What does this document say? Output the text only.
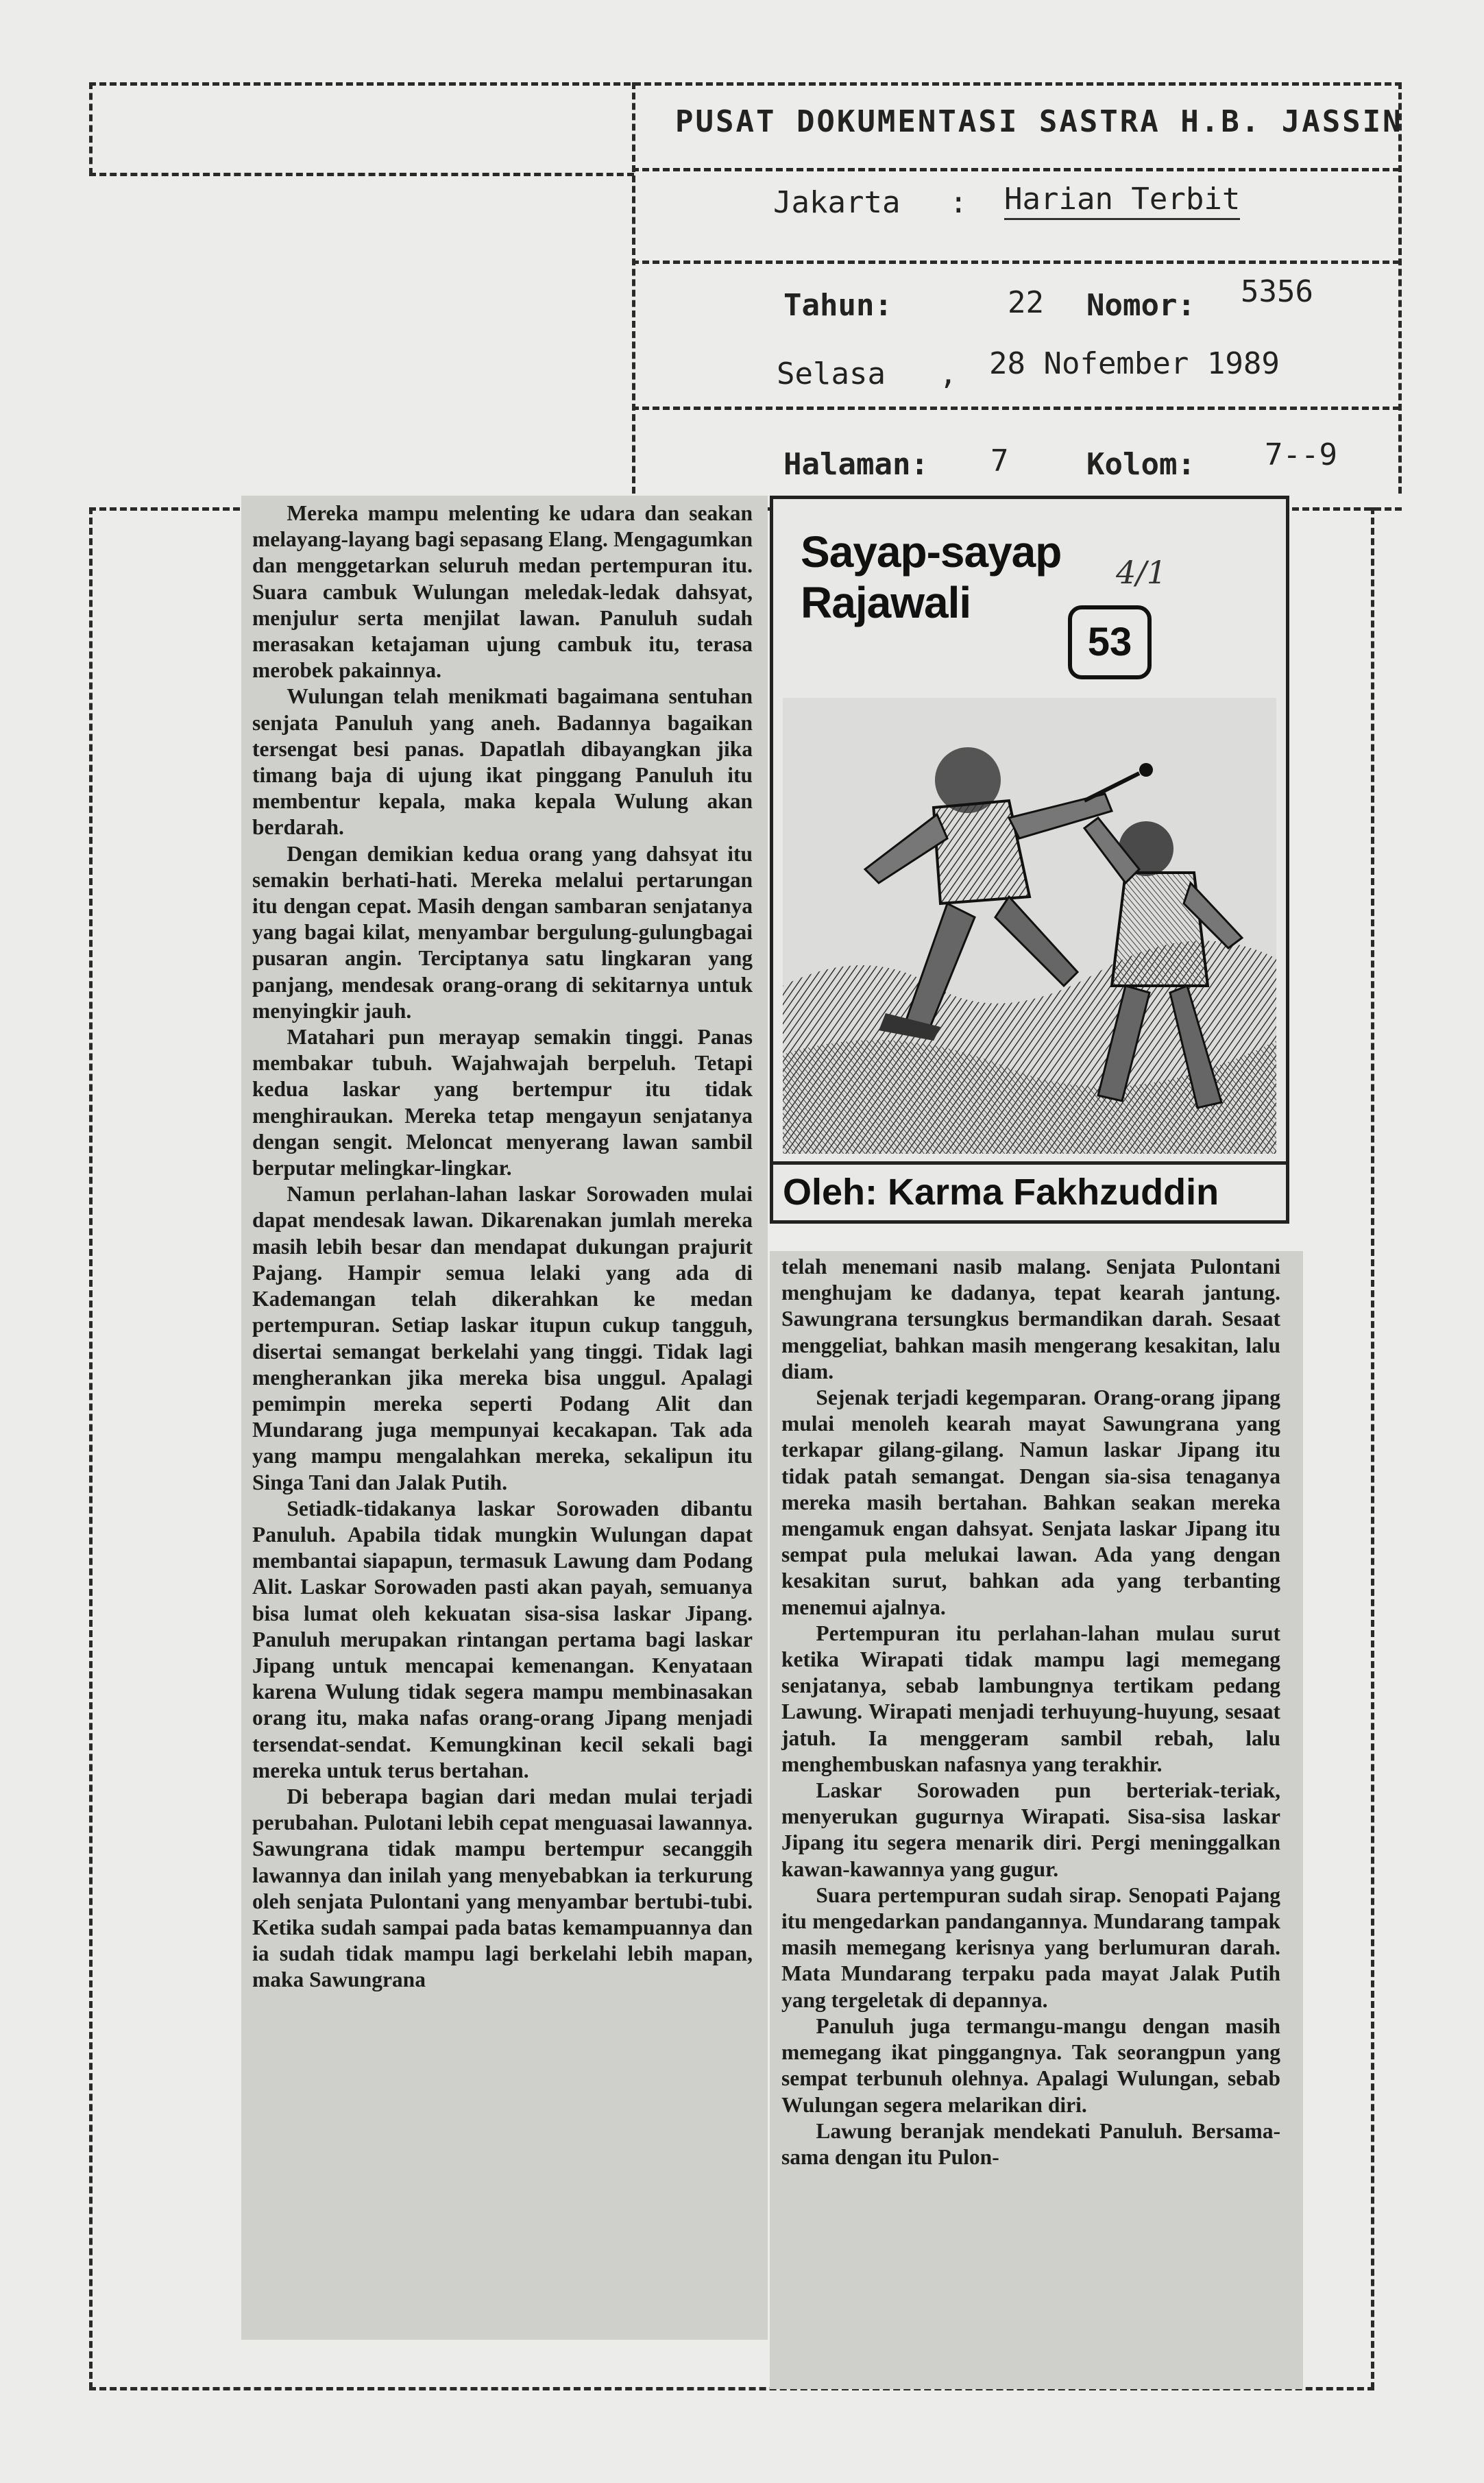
PUSAT DOKUMENTASI SASTRA H.B. JASSIN
Jakarta : Harian Terbit
Tahun:	22 Nomor: 5356
Selasa , 28 Nofember 1989
Halaman: 7	Kolom: 7--9

Mereka mampu melenting ke udara dan seakan melayang-layang bagi sepasang Elang. Mengagumkan dan menggetarkan seluruh medan pertempuran itu. Suara cambuk Wulungan meledak-ledak dahsyat, menjulur serta menjilat lawan. Panuluh sudah merasakan ketajaman ujung cambuk itu, terasa merobek pakainnya.

Wulungan telah menikmati bagaimana sentuhan senjata Panuluh yang aneh. Badannya bagaikan tersengat besi panas. Dapatlah dibayangkan jika timang baja di ujung ikat pinggang Panuluh itu membentur kepala, maka kepala Wulung akan berdarah.

Dengan demikian kedua orang yang dahsyat itu semakin berhati-hati. Mereka melalui pertarungan itu dengan cepat. Masih dengan sambaran senjatanya yang bagai kilat, menyambar bergulung-gulungbagai pusaran angin. Terciptanya satu lingkaran yang panjang, mendesak orang-orang di sekitarnya untuk menyingkir jauh.

Matahari pun merayap semakin tinggi. Panas membakar tubuh. Wajahwajah berpeluh. Tetapi kedua laskar yang bertempur itu tidak menghiraukan. Mereka tetap mengayun senjatanya dengan sengit. Meloncat menyerang lawan sambil berputar melingkar-lingkar.

Namun perlahan-lahan laskar Sorowaden mulai dapat mendesak lawan. Dikarenakan jumlah mereka masih lebih besar dan mendapat dukungan prajurit Pajang. Hampir semua lelaki yang ada di Kademangan telah dikerahkan ke medan pertempuran. Setiap laskar itupun cukup tangguh, disertai semangat berkelahi yang tinggi. Tidak lagi mengherankan jika mereka bisa unggul. Apalagi pemimpin mereka seperti Podang Alit dan Mundarang juga mempunyai kecakapan. Tak ada yang mampu mengalahkan mereka, sekalipun itu Singa Tani dan Jalak Putih.

Setiadk-tidakanya laskar Sorowaden dibantu Panuluh. Apabila tidak mungkin Wulungan dapat membantai siapapun, termasuk Lawung dam Podang Alit. Laskar Sorowaden pasti akan payah, semuanya bisa lumat oleh kekuatan sisa-sisa laskar Jipang. Panuluh merupakan rintangan pertama bagi laskar Jipang untuk mencapai kemenangan. Kenyataan karena Wulung tidak segera mampu membinasakan orang itu, maka nafas orang-orang Jipang menjadi tersendat-sendat. Kemungkinan kecil sekali bagi mereka untuk terus bertahan.

Di beberapa bagian dari medan mulai terjadi perubahan. Pulotani lebih cepat menguasai lawannya. Sawungrana tidak mampu bertempur secanggih lawannya dan inilah yang menyebabkan ia terkurung oleh senjata Pulontani yang menyambar bertubi-tubi. Ketika sudah sampai pada batas kemampuannya dan ia sudah tidak mampu lagi berkelahi lebih mapan, maka Sawungrana

Sayap-sayap
Rajawali
4/1
53
Oleh: Karma Fakhzuddin

telah menemani nasib malang. Senjata Pulontani menghujam ke dadanya, tepat kearah jantung. Sawungrana tersungkus bermandikan darah. Sesaat menggeliat, bahkan masih mengerang kesakitan, lalu diam.

Sejenak terjadi kegemparan. Orang-orang jipang mulai menoleh kearah mayat Sawungrana yang terkapar gilang-gilang. Namun laskar Jipang itu tidak patah semangat. Dengan sia-sisa tenaganya mereka masih bertahan. Bahkan seakan mereka mengamuk engan dahsyat. Senjata laskar Jipang itu sempat pula melukai lawan. Ada yang dengan kesakitan surut, bahkan ada yang terbanting menemui ajalnya.

Pertempuran itu perlahan-lahan mulau surut ketika Wirapati tidak mampu lagi memegang senjatanya, sebab lambungnya tertikam pedang Lawung. Wirapati menjadi terhuyung-huyung, sesaat jatuh. Ia menggeram sambil rebah, lalu menghembuskan nafasnya yang terakhir.

Laskar Sorowaden pun berteriak-teriak, menyerukan gugurnya Wirapati. Sisa-sisa laskar Jipang itu segera menarik diri. Pergi meninggalkan kawan-kawannya yang gugur.

Suara pertempuran sudah sirap. Senopati Pajang itu mengedarkan pandangannya. Mundarang tampak masih memegang kerisnya yang berlumuran darah. Mata Mundarang terpaku pada mayat Jalak Putih yang tergeletak di depannya.

Panuluh juga termangu-mangu dengan masih memegang ikat pinggangnya. Tak seorangpun yang sempat terbunuh olehnya. Apalagi Wulungan, sebab Wulungan segera melarikan diri.

Lawung beranjak mendekati Panuluh. Bersama-sama dengan itu Pulon-
